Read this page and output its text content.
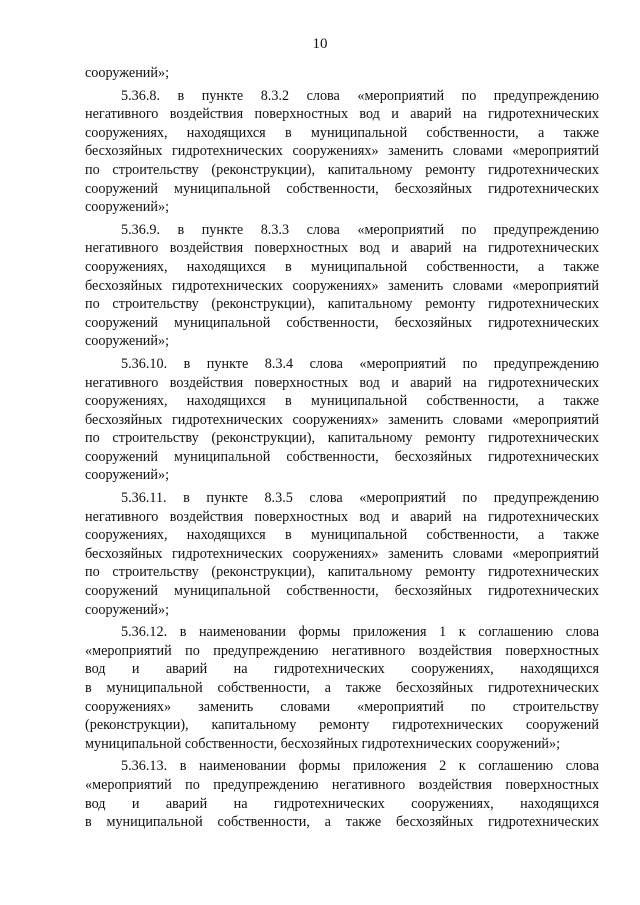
10
сооружений»;
5.36.8. в пункте 8.3.2 слова «мероприятий по предупреждению
негативного воздействия поверхностных вод и аварий на гидротехнических
сооружениях, находящихся в муниципальной собственности, а также
бесхозяйных гидротехнических сооружениях» заменить словами «мероприятий
по строительству (реконструкции), капитальному ремонту гидротехнических
сооружений муниципальной собственности, бесхозяйных гидротехнических
сооружений»;
5.36.9. в пункте 8.3.3 слова «мероприятий по предупреждению
негативного воздействия поверхностных вод и аварий на гидротехнических
сооружениях, находящихся в муниципальной собственности, а также
бесхозяйных гидротехнических сооружениях» заменить словами «мероприятий
по строительству (реконструкции), капитальному ремонту гидротехнических
сооружений муниципальной собственности, бесхозяйных гидротехнических
сооружений»;
5.36.10. в пункте 8.3.4 слова «мероприятий по предупреждению
негативного воздействия поверхностных вод и аварий на гидротехнических
сооружениях, находящихся в муниципальной собственности, а также
бесхозяйных гидротехнических сооружениях» заменить словами «мероприятий
по строительству (реконструкции), капитальному ремонту гидротехнических
сооружений муниципальной собственности, бесхозяйных гидротехнических
сооружений»;
5.36.11. в пункте 8.3.5 слова «мероприятий по предупреждению
негативного воздействия поверхностных вод и аварий на гидротехнических
сооружениях, находящихся в муниципальной собственности, а также
бесхозяйных гидротехнических сооружениях» заменить словами «мероприятий
по строительству (реконструкции), капитальному ремонту гидротехнических
сооружений муниципальной собственности, бесхозяйных гидротехнических
сооружений»;
5.36.12. в наименовании формы приложения 1 к соглашению слова
«мероприятий по предупреждению негативного воздействия поверхностных
вод и аварий на гидротехнических сооружениях, находящихся
в муниципальной собственности, а также бесхозяйных гидротехнических
сооружениях» заменить словами «мероприятий по строительству
(реконструкции), капитальному ремонту гидротехнических сооружений
муниципальной собственности, бесхозяйных гидротехнических сооружений»;
5.36.13. в наименовании формы приложения 2 к соглашению слова
«мероприятий по предупреждению негативного воздействия поверхностных
вод и аварий на гидротехнических сооружениях, находящихся
в муниципальной собственности, а также бесхозяйных гидротехнических
